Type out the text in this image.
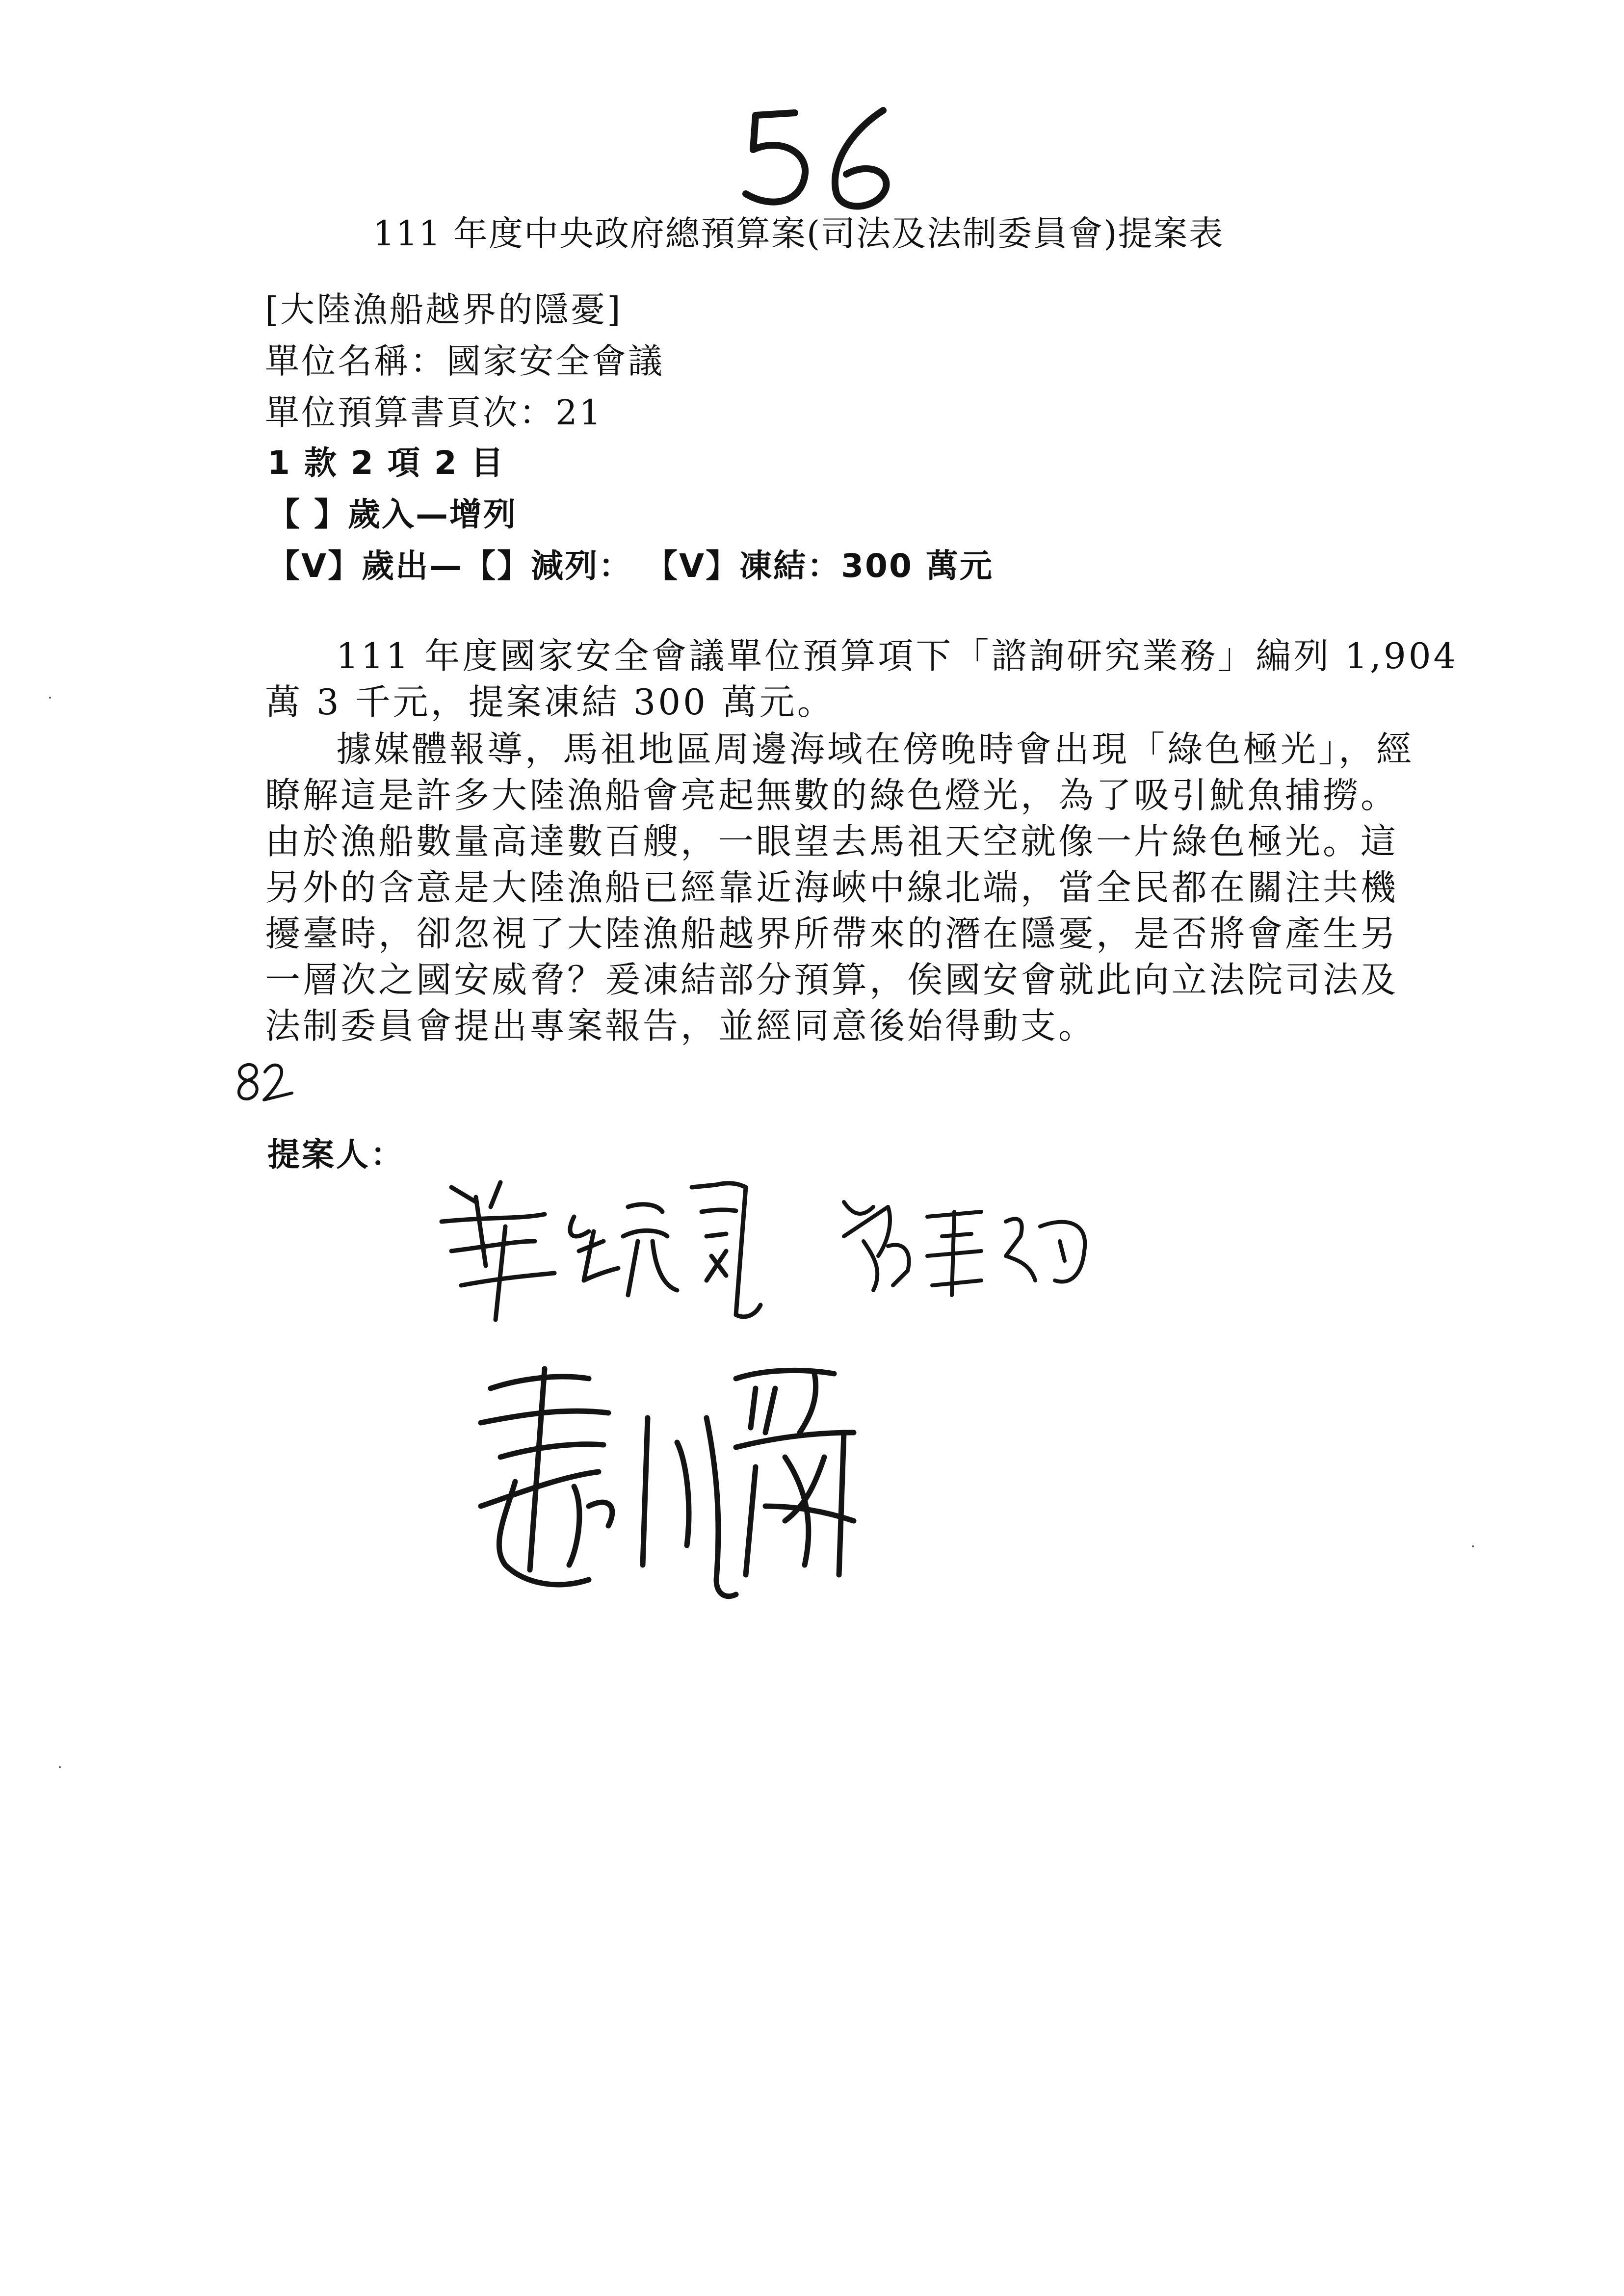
111 年度中央政府總預算案(司法及法制委員會)提案表
[大陸漁船越界的隱憂]
單位名稱：國家安全會議
單位預算書頁次：21
1 款 2 項 2 目
【 】歲入—增列
【V】歲出—【】減列： 【V】凍結：300 萬元
111 年度國家安全會議單位預算項下「諮詢研究業務」編列 1,904
萬 3 千元，提案凍結 300 萬元。
據媒體報導，馬祖地區周邊海域在傍晚時會出現「綠色極光」，經
瞭解這是許多大陸漁船會亮起無數的綠色燈光，為了吸引魷魚捕撈。
由於漁船數量高達數百艘，一眼望去馬祖天空就像一片綠色極光。這
另外的含意是大陸漁船已經靠近海峽中線北端，當全民都在關注共機
擾臺時，卻忽視了大陸漁船越界所帶來的潛在隱憂，是否將會產生另
一層次之國安威脅？爰凍結部分預算，俟國安會就此向立法院司法及
法制委員會提出專案報告，並經同意後始得動支。
提案人：
